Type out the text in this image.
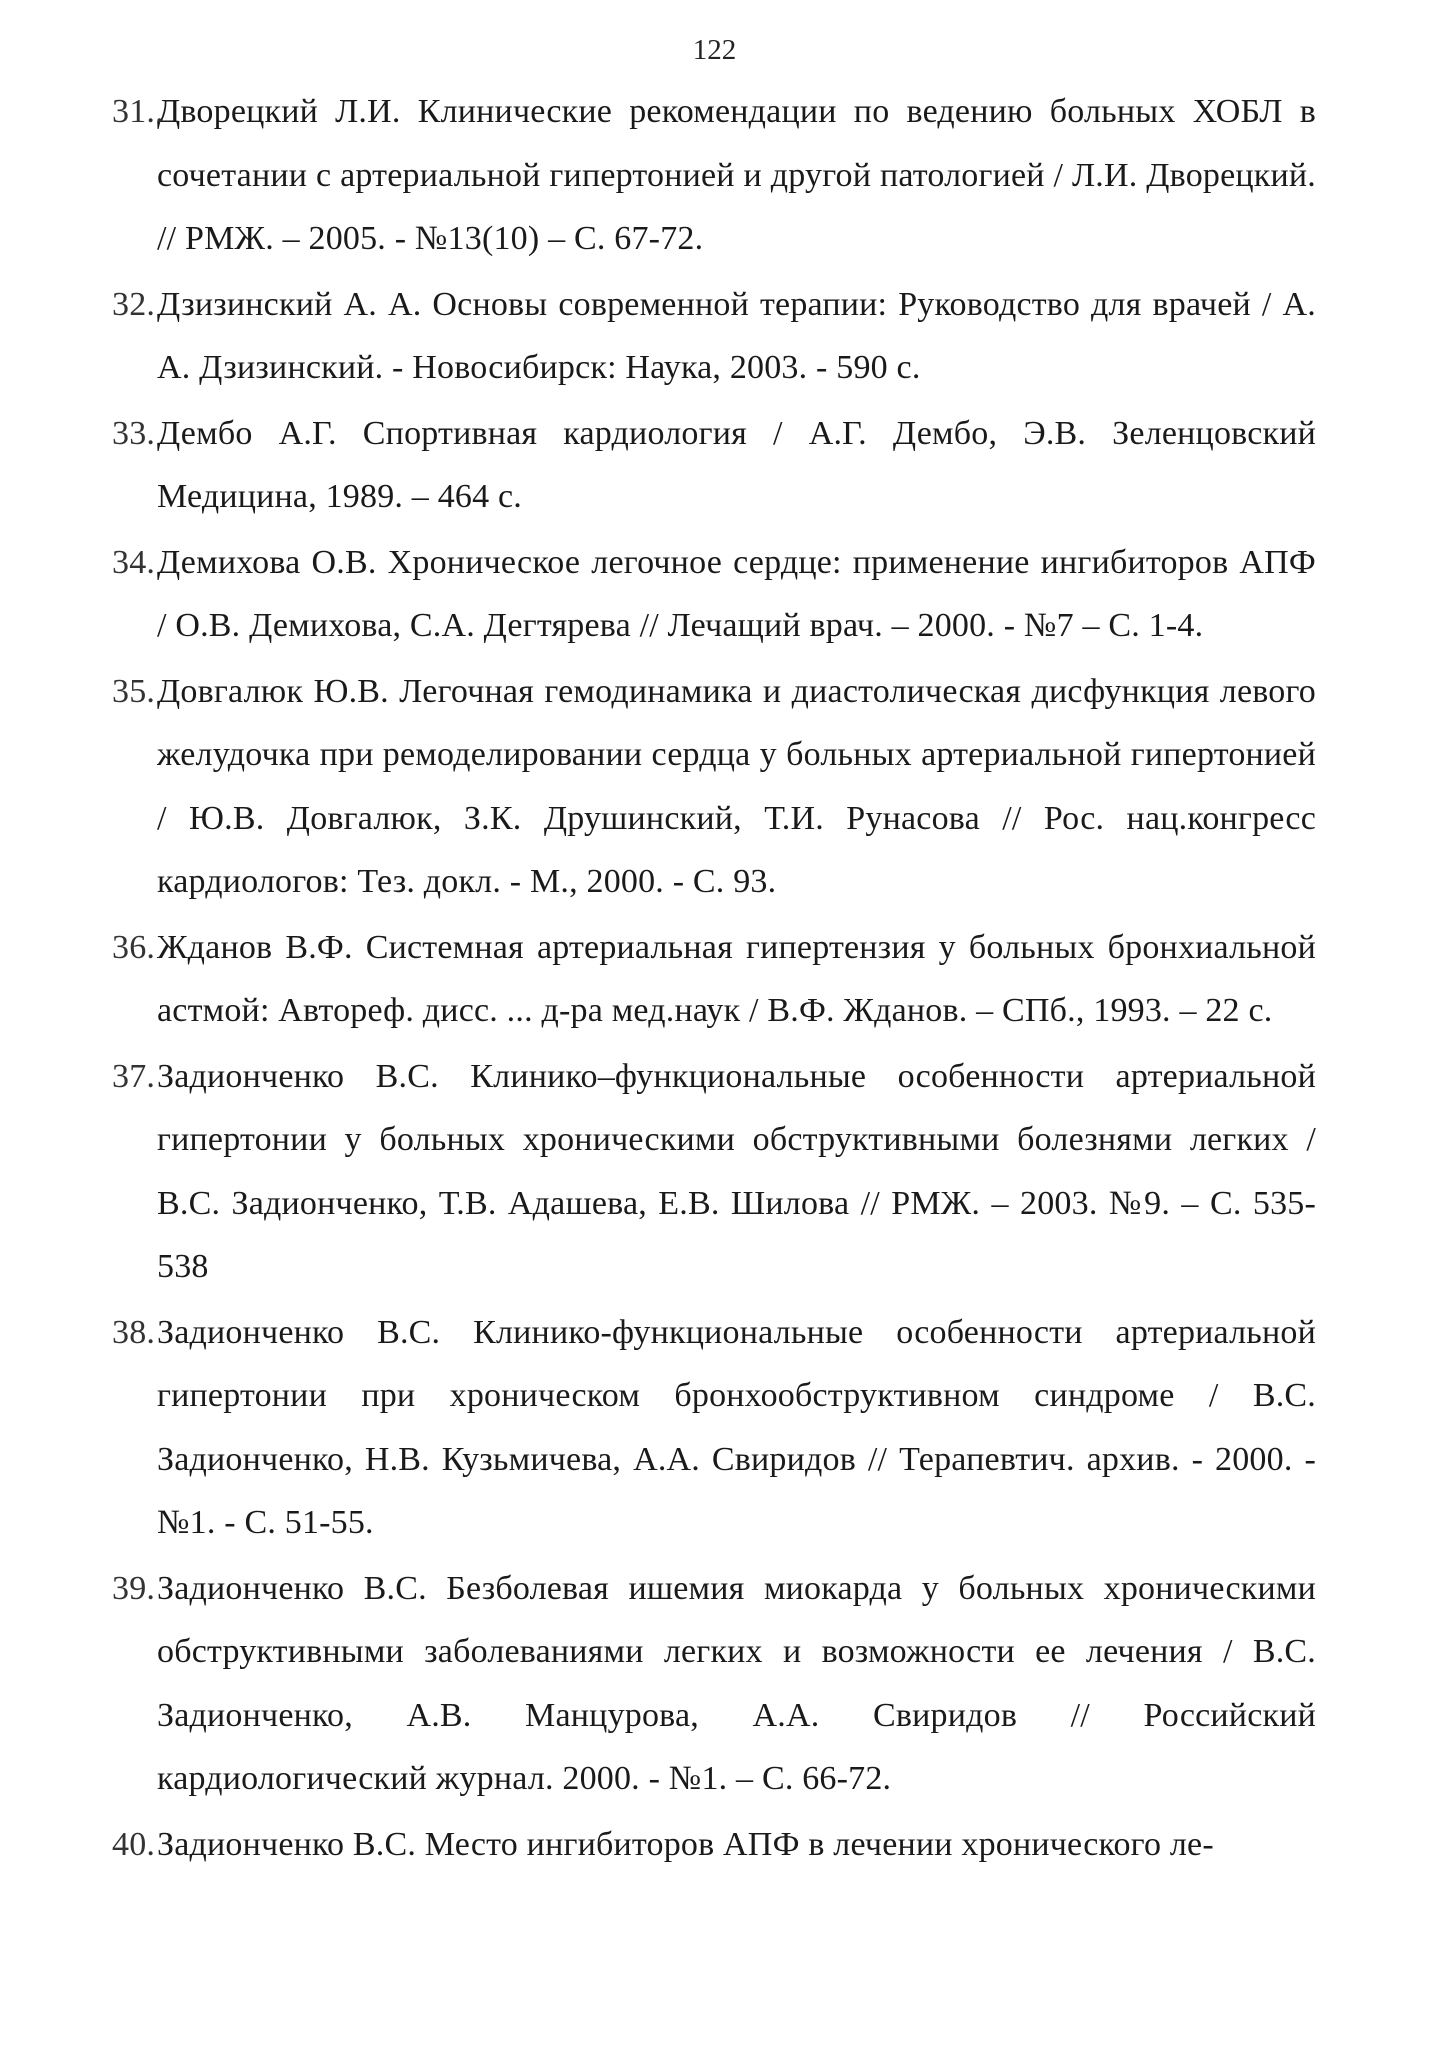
122
31..
Дворецкий Л.И. Клинические рекомендации по ведению больных ХОБЛ в сочетании с артериальной гипертонией и другой патологией / Л.И. Дворецкий. // РМЖ. – 2005. - №13(10) – С. 67-72.
32. Дзизинский А. А. Основы современной терапии: Руководство для врачей / А. А. Дзизинский. - Новосибирск: Наука, 2003. - 590 с.
33. Дембо А.Г. Спортивная кардиология / А.Г. Дембо, Э.В. Зеленцовский Медицина, 1989. – 464 с.
34. Демихова О.В. Хроническое легочное сердце: применение ингибиторов АПФ / О.В. Демихова, С.А. Дегтярева // Лечащий врач. – 2000. - №7 – С. 1-4.
35. Довгалюк Ю.В. Легочная гемодинамика и диастолическая дисфункция левого желудочка при ремоделировании сердца у больных артериальной гипертонией / Ю.В. Довгалюк, З.К. Друшинский, Т.И. Рунасова // Рос. нац.конгресс кардиологов: Тез. докл. - М., 2000. - С. 93.
36. Жданов В.Ф. Системная артериальная гипертензия у больных бронхиальной астмой: Автореф. дисс. ... д-ра мед.наук / В.Ф. Жданов. – СПб., 1993. – 22 с.
37. Задионченко В.С. Клинико–функциональные особенности артериальной гипертонии у больных хроническими обструктивными болезнями легких / В.С. Задионченко, Т.В. Адашева, Е.В. Шилова // РМЖ. – 2003. №9. – С. 535-538
38. Задионченко В.С. Клинико-функциональные особенности артериальной гипертонии при хроническом бронхообструктивном синдроме / В.С. Задионченко, Н.В. Кузьмичева, А.А. Свиридов // Терапевтич. архив. - 2000. -№1. - С. 51-55.
39. Задионченко В.С. Безболевая ишемия миокарда у больных хроническими обструктивными заболеваниями легких и возможности ее лечения / В.С. Задионченко, А.В. Манцурова, А.А. Свиридов // Российский кардиологический журнал. 2000. - №1. – С. 66-72.
40. Задионченко В.С. Место ингибиторов АПФ в лечении хронического ле-
